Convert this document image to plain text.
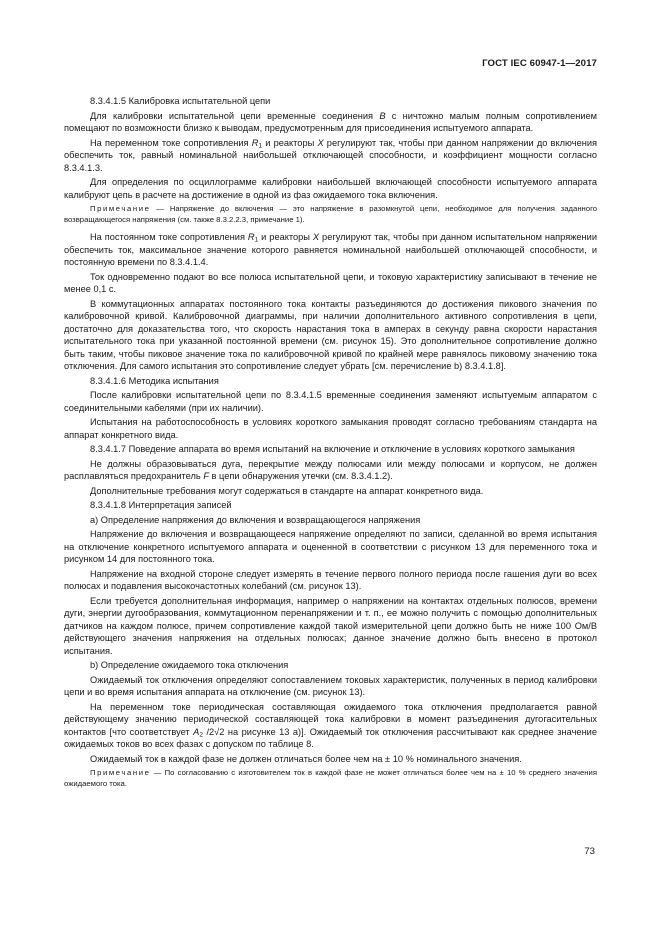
ГОСТ IEC 60947-1—2017

8.3.4.1.5 Калибровка испытательной цепи

Для калибровки испытательной цепи временные соединения B с ничтожно малым полным сопротивлением помещают по возможности близко к выводам, предусмотренным для присоединения испытуемого аппарата.

На переменном токе сопротивления $R_1$ и реакторы X регулируют так, чтобы при данном напряжении до включения обеспечить ток, равный номинальной наибольшей отключающей способности, и коэффициент мощности согласно 8.3.4.1.3.

Для определения по осциллограмме калибровки наибольшей включающей способности испытуемого аппарата калибруют цепь в расчете на достижение в одной из фаз ожидаемого тока включения.

Примечание — Напряжение до включения — это напряжение в разомкнутой цепи, необходимое для получения заданного возвращающегося напряжения (см. также 8.3.2.2.3, примечание 1).

На постоянном токе сопротивления $R_1$ и реакторы X регулируют так, чтобы при данном испытательном напряжении обеспечить ток, максимальное значение которого равняется номинальной наибольшей отключающей способности, и постоянную времени по 8.3.4.1.4.

Ток одновременно подают во все полюса испытательной цепи, и токовую характеристику записывают в течение не менее 0,1 с.

В коммутационных аппаратах постоянного тока контакты разъединяются до достижения пикового значения по калибровочной кривой. Калибровочной диаграммы, при наличии дополнительного активного сопротивления в цепи, достаточно для доказательства того, что скорость нарастания тока в амперах в секунду равна скорости нарастания испытательного тока при указанной постоянной времени (см. рисунок 15). Это дополнительное сопротивление должно быть таким, чтобы пиковое значение тока по калибровочной кривой по крайней мере равнялось пиковому значению тока отключения. Для самого испытания это сопротивление следует убрать [см. перечисление b) 8.3.4.1.8].

8.3.4.1.6 Методика испытания

После калибровки испытательной цепи по 8.3.4.1.5 временные соединения заменяют испытуемым аппаратом с соединительными кабелями (при их наличии).

Испытания на работоспособность в условиях короткого замыкания проводят согласно требованиям стандарта на аппарат конкретного вида.

8.3.4.1.7 Поведение аппарата во время испытаний на включение и отключение в условиях короткого замыкания

Не должны образовываться дуга, перекрытие между полюсами или между полюсами и корпусом, не должен расплавляться предохранитель F в цепи обнаружения утечки (см. 8.3.4.1.2).

Дополнительные требования могут содержаться в стандарте на аппарат конкретного вида.

8.3.4.1.8 Интерпретация записей

a) Определение напряжения до включения и возвращающегося напряжения

Напряжение до включения и возвращающееся напряжение определяют по записи, сделанной во время испытания на отключение конкретного испытуемого аппарата и оцененной в соответствии с рисунком 13 для переменного тока и рисунком 14 для постоянного тока.

Напряжение на входной стороне следует измерять в течение первого полного периода после гашения дуги во всех полюсах и подавления высокочастотных колебаний (см. рисунок 13).

Если требуется дополнительная информация, например о напряжении на контактах отдельных полюсов, времени дуги, энергии дугообразования, коммутационном перенапряжении и т. п., ее можно получить с помощью дополнительных датчиков на каждом полюсе, причем сопротивление каждой такой измерительной цепи должно быть не ниже 100 Ом/В действующего значения напряжения на отдельных полюсах; данное значение должно быть внесено в протокол испытания.

b) Определение ожидаемого тока отключения

Ожидаемый ток отключения определяют сопоставлением токовых характеристик, полученных в период калибровки цепи и во время испытания аппарата на отключение (см. рисунок 13).

На переменном токе периодическая составляющая ожидаемого тока отключения предполагается равной действующему значению периодической составляющей тока калибровки в момент разъединения дугогасительных контактов [что соответствует $A_2$ /2√2 на рисунке 13 а)]. Ожидаемый ток отключения рассчитывают как среднее значение ожидаемых токов во всех фазах с допуском по таблице 8.

Ожидаемый ток в каждой фазе не должен отличаться более чем на ± 10 % номинального значения.

Примечание — По согласованию с изготовителем ток в каждой фазе не может отличаться более чем на ± 10 % среднего значения ожидаемого тока.

73
